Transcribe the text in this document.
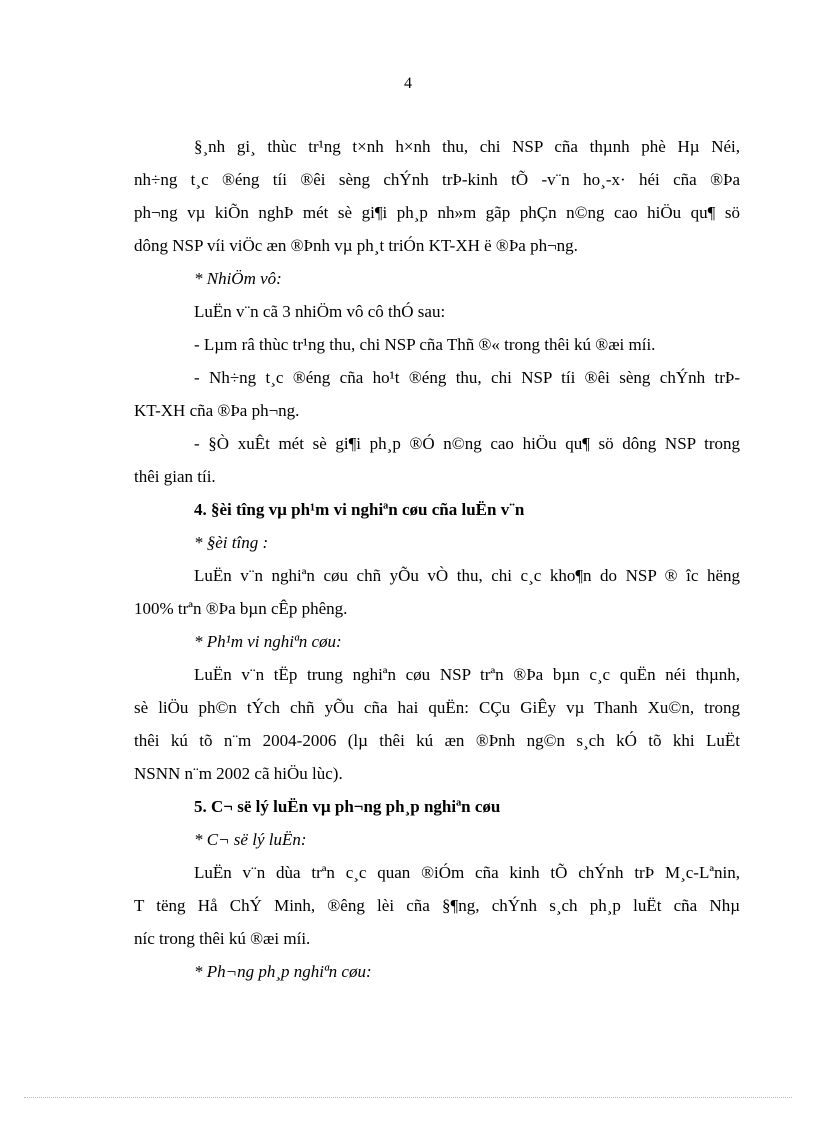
4
§¸nh gi¸ thùc tr¹ng t×nh h×nh thu, chi NSP cña thµnh phè Hµ Néi,
nh÷ng t¸c ®éng tíi ®êi sèng chÝnh trÞ-kinh tÕ -v¨n ho¸-x· héi cña ®Þa
ph¬ng vµ kiÕn nghÞ mét sè gi¶i ph¸p nh»m gãp phÇn n©ng cao hiÖu qu¶ sö
dông NSP víi viÖc æn ®Þnh vµ ph¸t triÓn KT-XH ë ®Þa ph¬ng.
* NhiÖm vô:
LuËn v¨n cã 3 nhiÖm vô cô thÓ sau:
- Lµm râ thùc tr¹ng thu, chi NSP cña Thñ ®« trong thêi kú ®æi míi.
- Nh÷ng t¸c ®éng cña ho¹t ®éng thu, chi NSP tíi ®êi sèng chÝnh trÞ-
KT-XH cña ®Þa ph¬ng.
- §Ò xuÊt mét sè gi¶i ph¸p ®Ó n©ng cao hiÖu qu¶ sö dông NSP trong
thêi gian tíi.
4. §èi tîng vµ ph¹m vi nghiªn cøu cña luËn v¨n
* §èi tîng :
LuËn v¨n nghiªn cøu chñ yÕu vÒ thu, chi c¸c kho¶n do NSP ® îc hëng
100% trªn ®Þa bµn cÊp phêng.
* Ph¹m vi nghiªn cøu:
LuËn v¨n tËp trung nghiªn cøu NSP trªn ®Þa bµn c¸c quËn néi thµnh,
sè liÖu ph©n tÝch chñ yÕu cña hai quËn: CÇu GiÊy vµ Thanh Xu©n, trong
thêi kú tõ n¨m 2004-2006 (lµ thêi kú æn ®Þnh ng©n s¸ch kÓ tõ khi LuËt
NSNN n¨m 2002 cã hiÖu lùc).
5. C¬ së lý luËn vµ ph¬ng ph¸p nghiªn cøu
* C¬ së lý luËn:
LuËn v¨n dùa trªn c¸c quan ®iÓm cña kinh tÕ chÝnh trÞ M¸c-Lªnin,
T tëng Hå ChÝ Minh, ®êng lèi cña §¶ng, chÝnh s¸ch ph¸p luËt cña Nhµ
níc trong thêi kú ®æi míi.
* Ph¬ng ph¸p nghiªn cøu:
